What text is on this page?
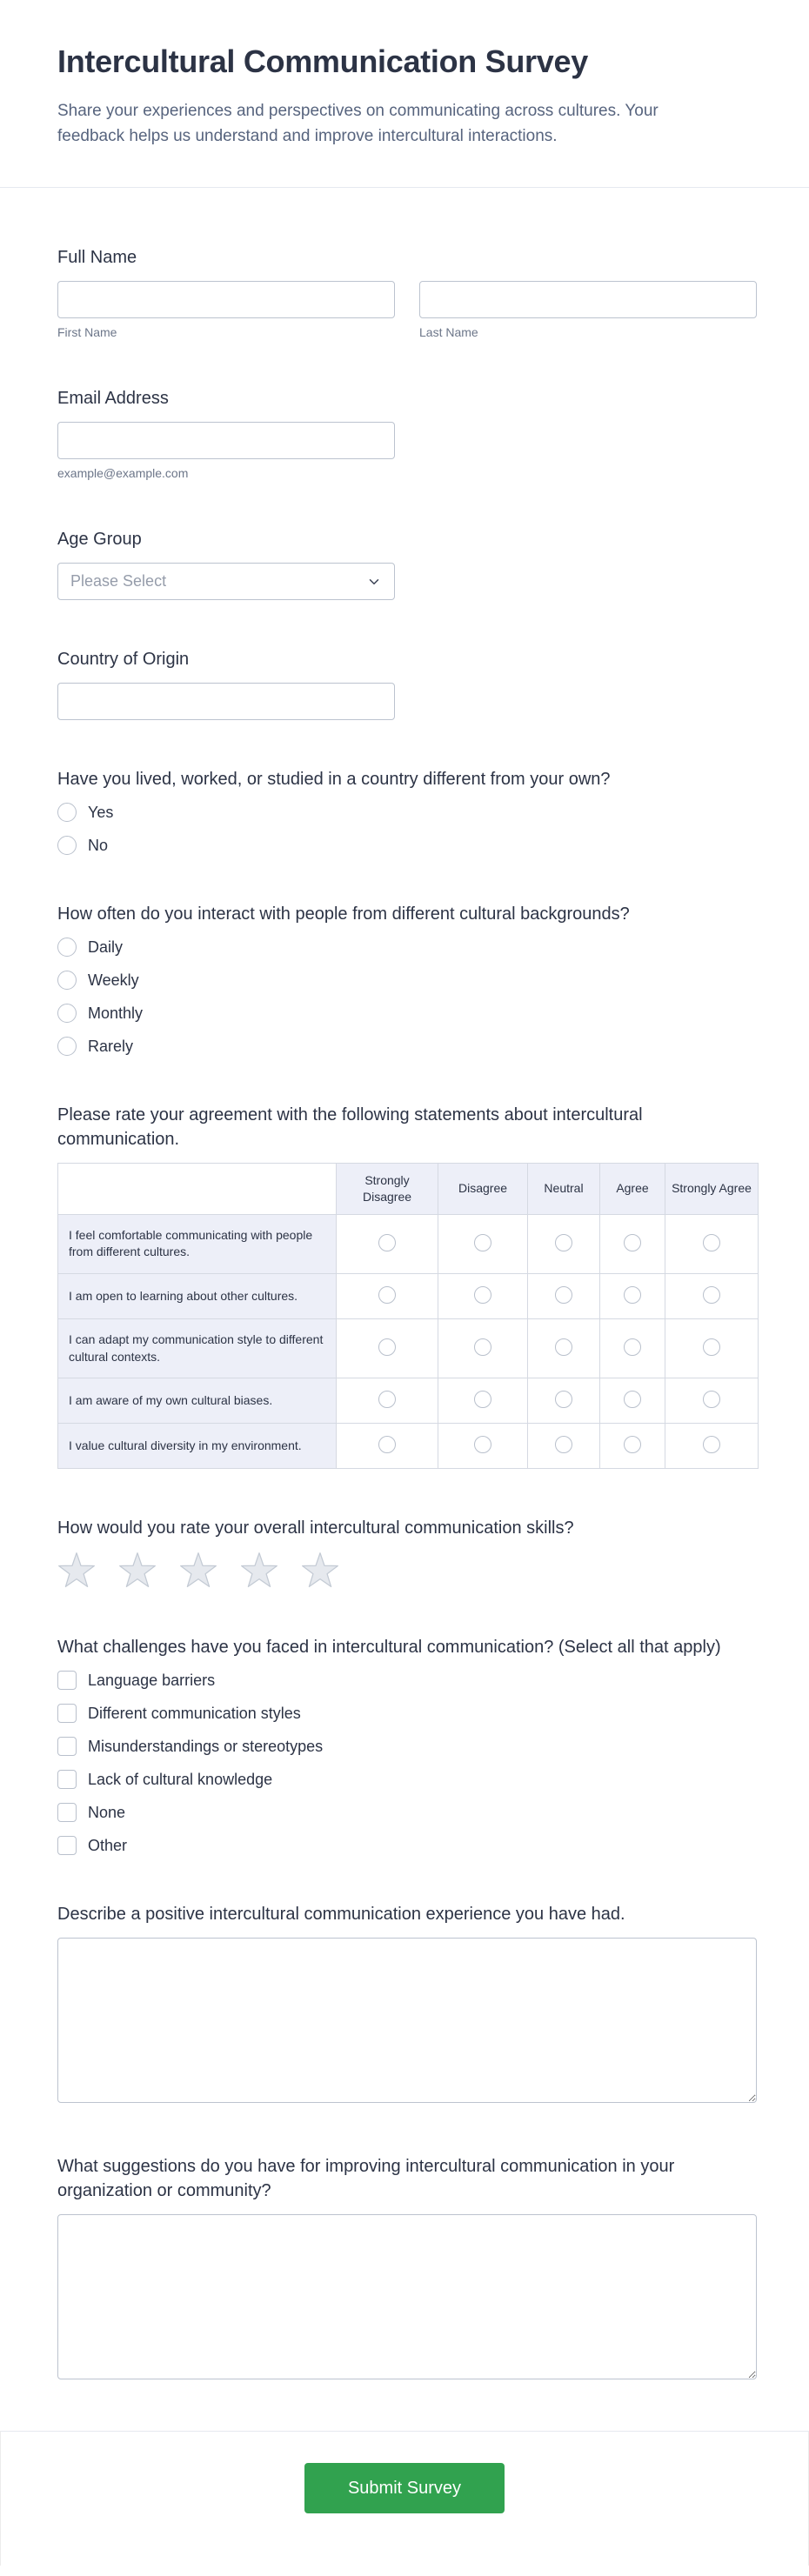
Intercultural Communication Survey

Share your experiences and perspectives on communicating across cultures. Your feedback helps us understand and improve intercultural interactions.

Full Name
First Name	Last Name
Email Address
example@example.com
Age Group
Please Select
Country of Origin
Have you lived, worked, or studied in a country different from your own?
Yes
No
How often do you interact with people from different cultural backgrounds?
Daily
Weekly
Monthly
Rarely
Please rate your agreement with the following statements about intercultural communication.
	Strongly Disagree	Disagree	Neutral	Agree	Strongly Agree
I feel comfortable communicating with people from different cultures.					
I am open to learning about other cultures.					
I can adapt my communication style to different cultural contexts.					
I am aware of my own cultural biases.					
I value cultural diversity in my environment.					
How would you rate your overall intercultural communication skills?
What challenges have you faced in intercultural communication? (Select all that apply)
Language barriers
Different communication styles
Misunderstandings or stereotypes
Lack of cultural knowledge
None
Other
Describe a positive intercultural communication experience you have had.
What suggestions do you have for improving intercultural communication in your organization or community?
Submit Survey
